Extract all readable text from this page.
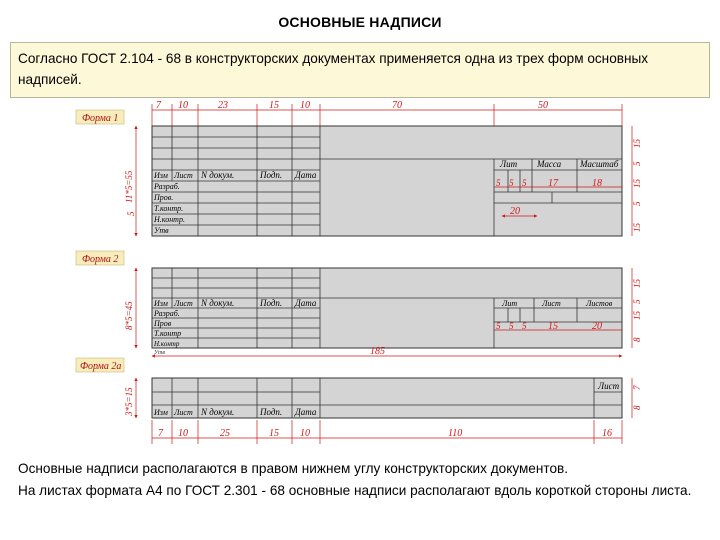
ОСНОВНЫЕ НАДПИСИ
Согласно ГОСТ 2.104 - 68 в конструкторских документах применяется одна из трех форм основных надписей.
Форма 1
7 10	23	15 10	70	50
11*5=55
5
Изм Лист N докум.	Подп. Дата
Разраб.
Пров.
Т.контр.
Н.контр.
Утв
Лит Масса Масштаб
5 5 5 17	18
20
15
5
15
5
15
Форма 2
8*5=45	Изм Лист N докум.	Подп. Дата
Разраб.
Пров
Т.контр
Н.контр
Утв
Лит	Лист	Листов
5 5 5 15	20
15
5
15
8
185
Форма 2а
3*5=15	Изм Лист N докум.	Подп. Дата
Лист 7
8
7 10	25	15 10	110	16

Основные надписи располагаются в правом нижнем углу конструкторских документов.

На листах формата А4 по ГОСТ 2.301 - 68 основные надписи располагают вдоль короткой стороны листа.
